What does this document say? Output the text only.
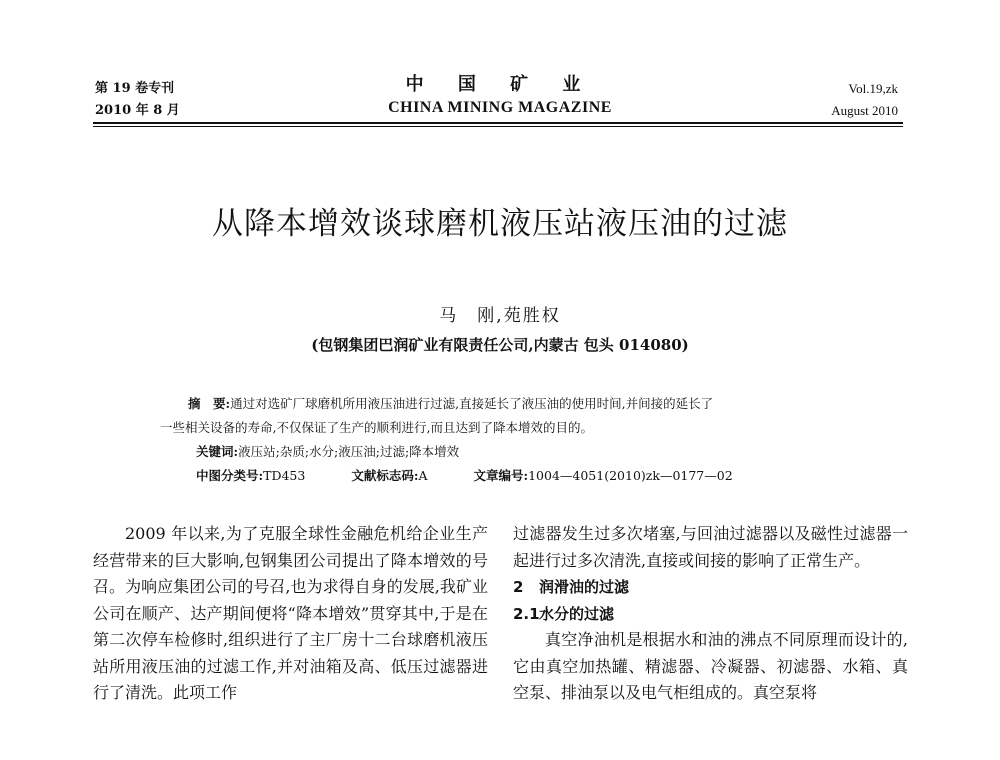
第 19 卷专刊
2010 年 8 月
中 国 矿 业
CHINA MINING MAGAZINE
Vol.19,zk
August 2010
从降本增效谈球磨机液压站液压油的过滤
马　刚,苑胜权
(包钢集团巴润矿业有限责任公司,内蒙古 包头 014080)
摘　要:通过对选矿厂球磨机所用液压油进行过滤,直接延长了液压油的使用时间,并间接的延长了
一些相关设备的寿命,不仅保证了生产的顺利进行,而且达到了降本增效的目的。
关键词:液压站;杂质;水分;液压油;过滤;降本增效
中图分类号:TD453	文献标志码:A	文章编号:1004—4051(2010)zk—0177—02

2009 年以来,为了克服全球性金融危机给企业生产经营带来的巨大影响,包钢集团公司提出了降本增效的号召。为响应集团公司的号召,也为求得自身的发展,我矿业公司在顺产、达产期间便将“降本增效”贯穿其中,于是在第二次停车检修时,组织进行了主厂房十二台球磨机液压站所用液压油的过滤工作,并对油箱及高、低压过滤器进行了清洗。此项工作

过滤器发生过多次堵塞,与回油过滤器以及磁性过滤器一起进行过多次清洗,直接或间接的影响了正常生产。

2 润滑油的过滤

2.1水分的过滤

真空净油机是根据水和油的沸点不同原理而设计的,它由真空加热罐、精滤器、冷凝器、初滤器、水箱、真空泵、排油泵以及电气柜组成的。真空泵将
